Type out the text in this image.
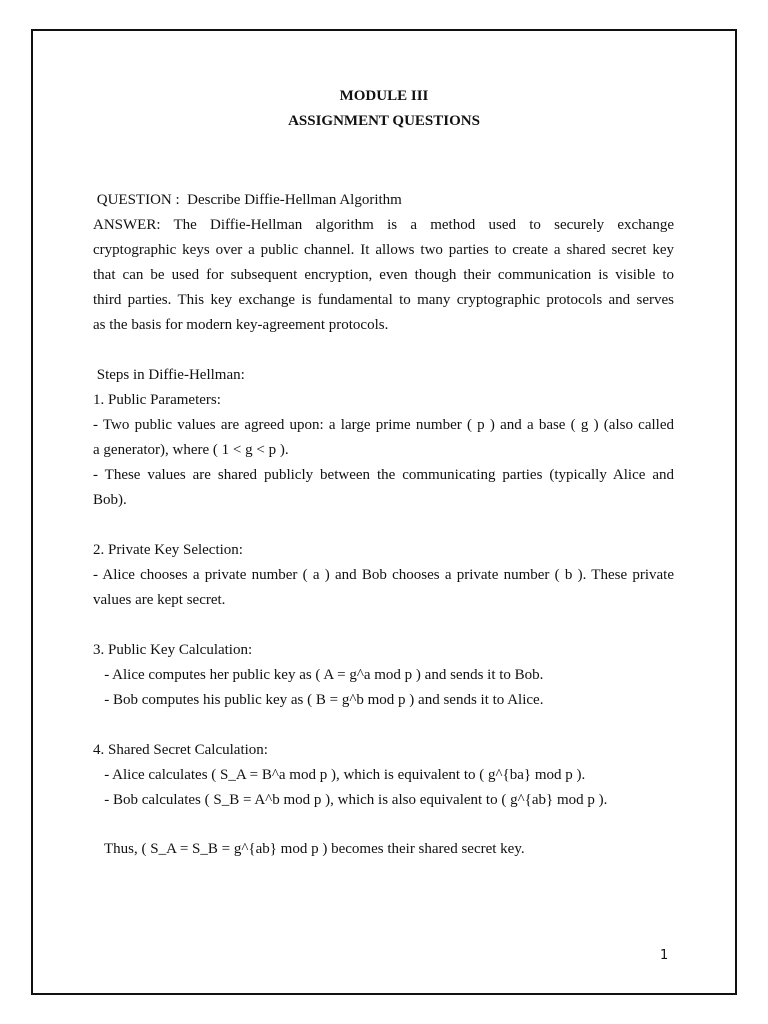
MODULE III
ASSIGNMENT QUESTIONS
QUESTION :  Describe Diffie-Hellman Algorithm
ANSWER: The Diffie-Hellman algorithm is a method used to securely exchange
cryptographic keys over a public channel. It allows two parties to create a shared secret key
that can be used for subsequent encryption, even though their communication is visible to
third parties. This key exchange is fundamental to many cryptographic protocols and serves
as the basis for modern key-agreement protocols.
Steps in Diffie-Hellman:
1. Public Parameters:
- Two public values are agreed upon: a large prime number ( p ) and a base ( g ) (also called
a generator), where ( 1 < g < p ).
- These values are shared publicly between the communicating parties (typically Alice and
Bob).
2. Private Key Selection:
- Alice chooses a private number ( a ) and Bob chooses a private number ( b ). These private
values are kept secret.
3. Public Key Calculation:
- Alice computes her public key as ( A = g^a mod p ) and sends it to Bob.
- Bob computes his public key as ( B = g^b mod p ) and sends it to Alice.
4. Shared Secret Calculation:
- Alice calculates ( S_A = B^a mod p ), which is equivalent to ( g^{ba} mod p ).
- Bob calculates ( S_B = A^b mod p ), which is also equivalent to ( g^{ab} mod p ).
Thus, ( S_A = S_B = g^{ab} mod p ) becomes their shared secret key.
1
